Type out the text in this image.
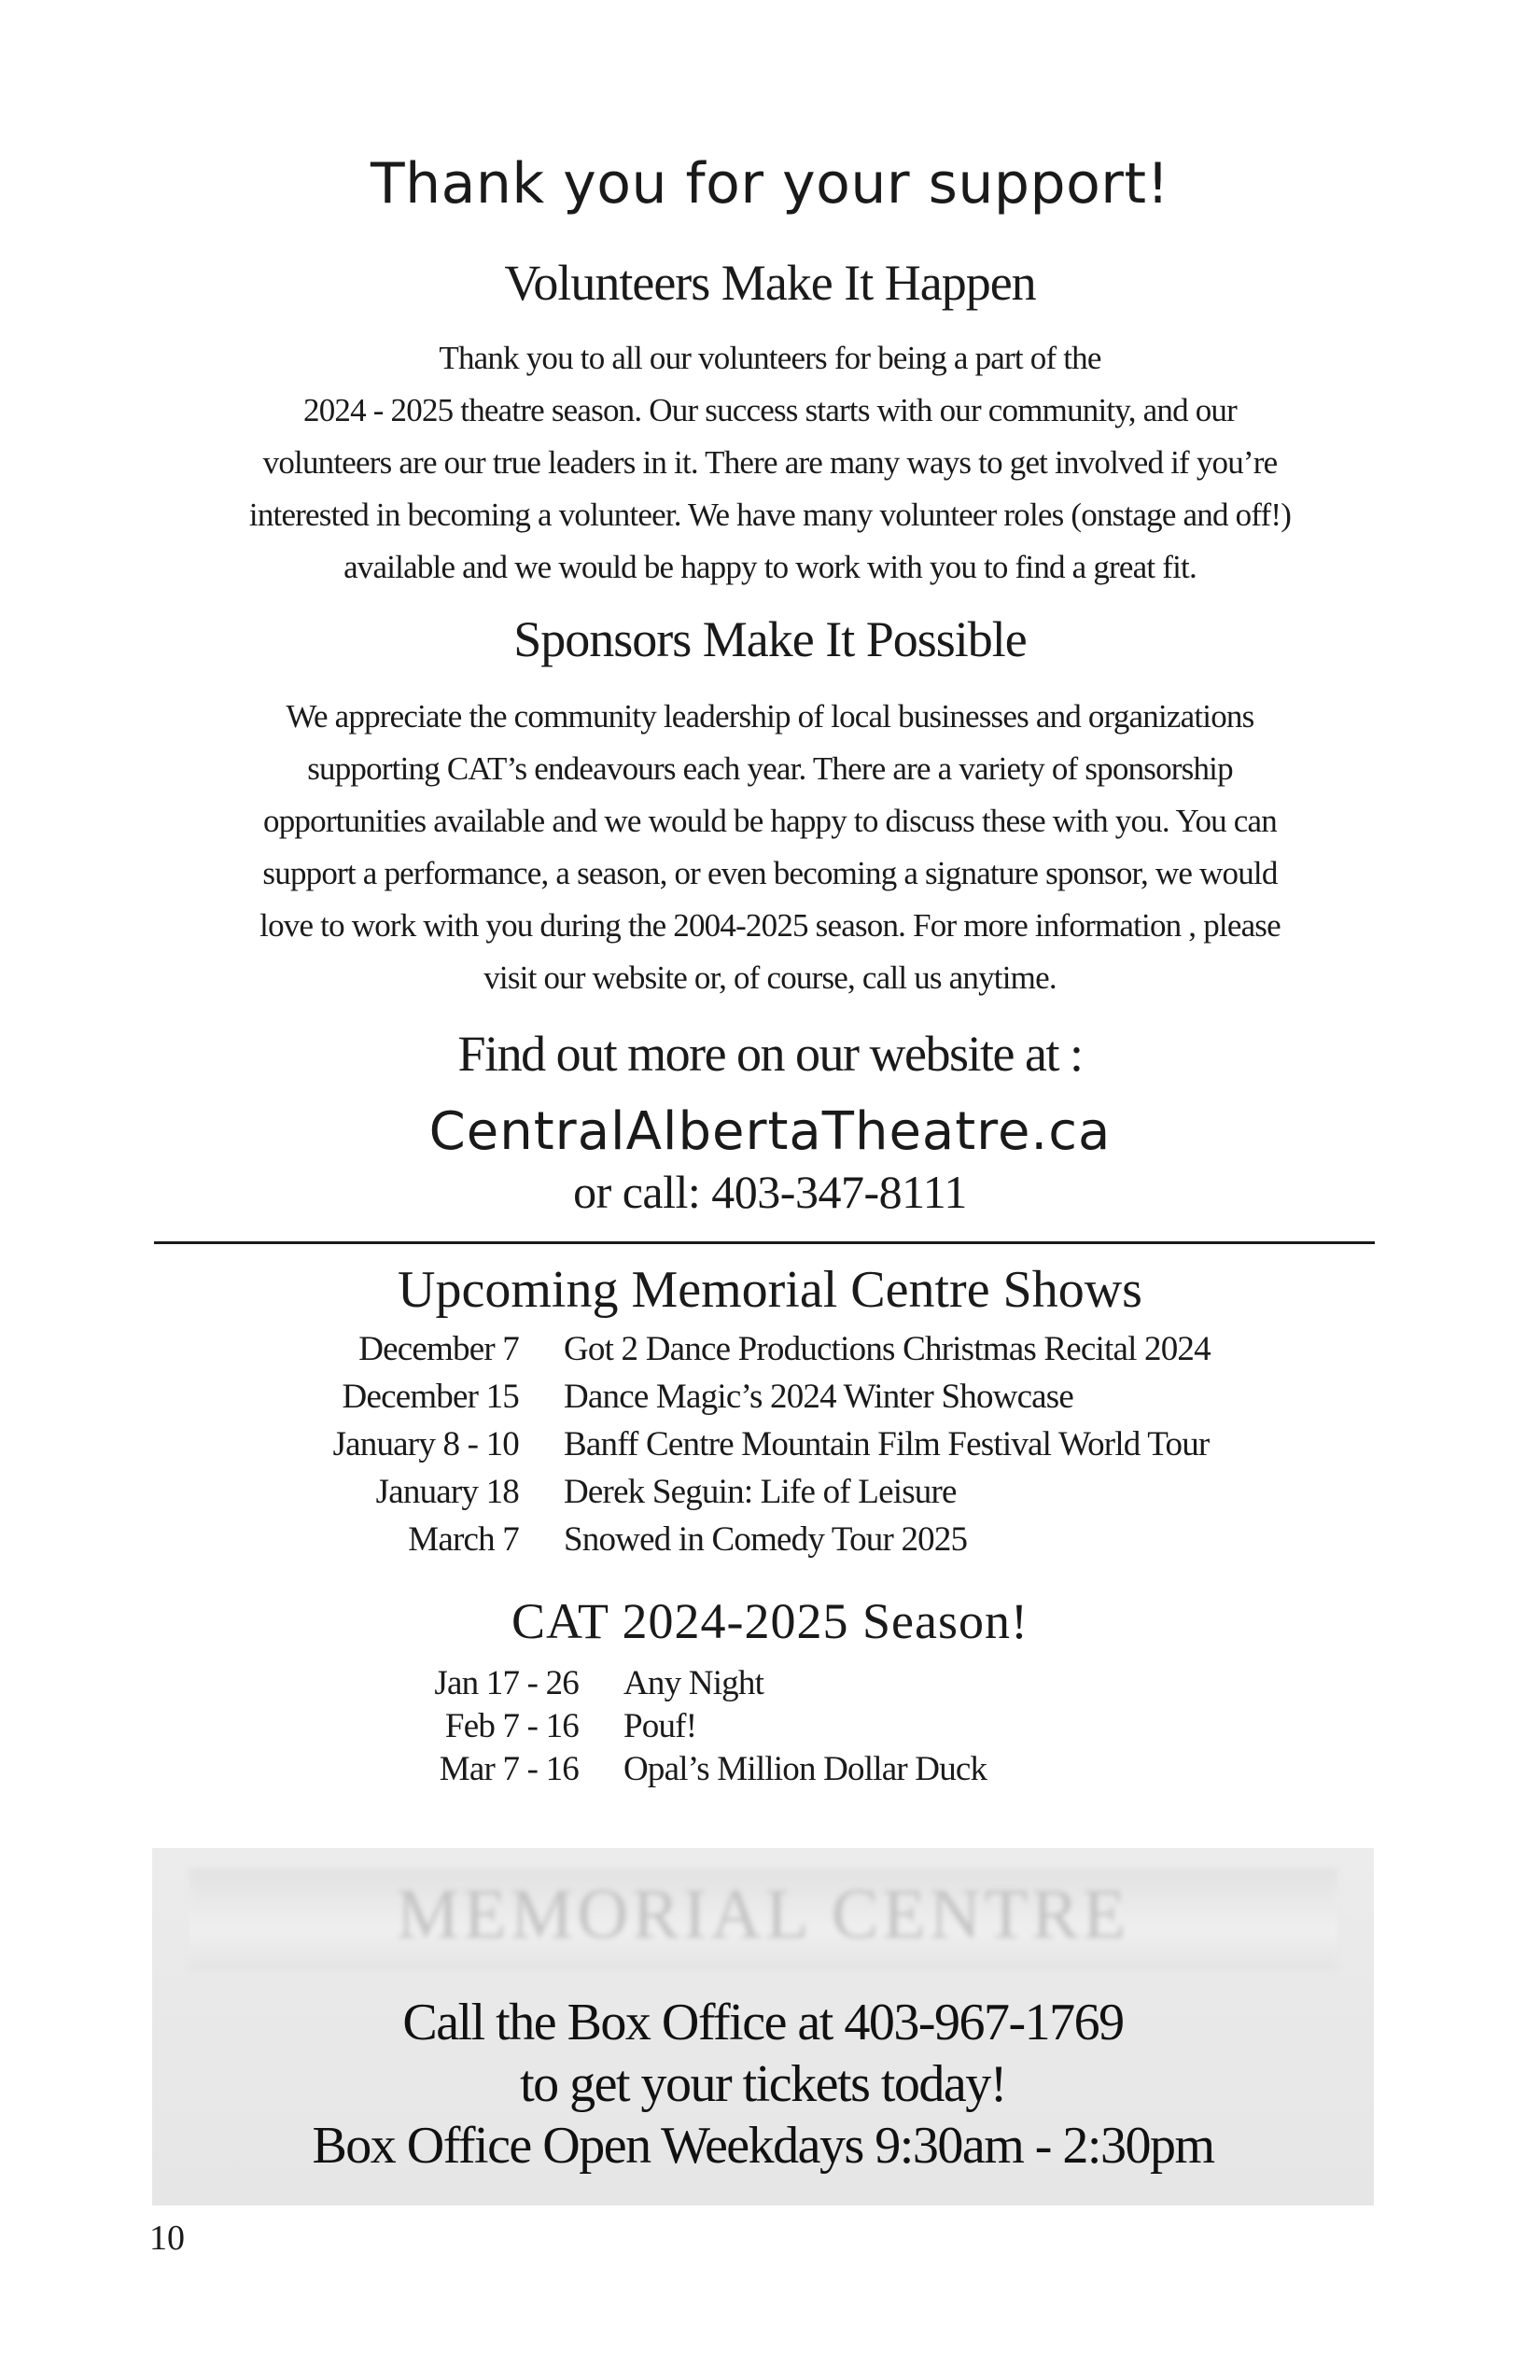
Thank you for your support!
Volunteers Make It Happen
Thank you to all our volunteers for being a part of the
2024 - 2025 theatre season. Our success starts with our community, and our
volunteers are our true leaders in it. There are many ways to get involved if you’re
interested in becoming a volunteer. We have many volunteer roles (onstage and off!)
available and we would be happy to work with you to find a great fit.
Sponsors Make It Possible
We appreciate the community leadership of local businesses and organizations
supporting CAT’s endeavours each year. There are a variety of sponsorship
opportunities available and we would be happy to discuss these with you. You can
support a performance, a season, or even becoming a signature sponsor, we would
love to work with you during the 2004-2025 season. For more information , please
visit our website or, of course, call us anytime.
Find out more on our website at :
CentralAlbertaTheatre.ca
or call: 403-347-8111
Upcoming Memorial Centre Shows
December 7 Got 2 Dance Productions Christmas Recital 2024
December 15 Dance Magic’s 2024 Winter Showcase
January 8 - 10 Banff Centre Mountain Film Festival World Tour
January 18 Derek Seguin: Life of Leisure
March 7 Snowed in Comedy Tour 2025
CAT 2024-2025 Season!
Jan 17 - 26 Any Night
Feb 7 - 16 Pouf!
Mar 7 - 16 Opal’s Million Dollar Duck
MEMORIAL CENTRE
Call the Box Office at 403-967-1769
to get your tickets today!
Box Office Open Weekdays 9:30am - 2:30pm
10
